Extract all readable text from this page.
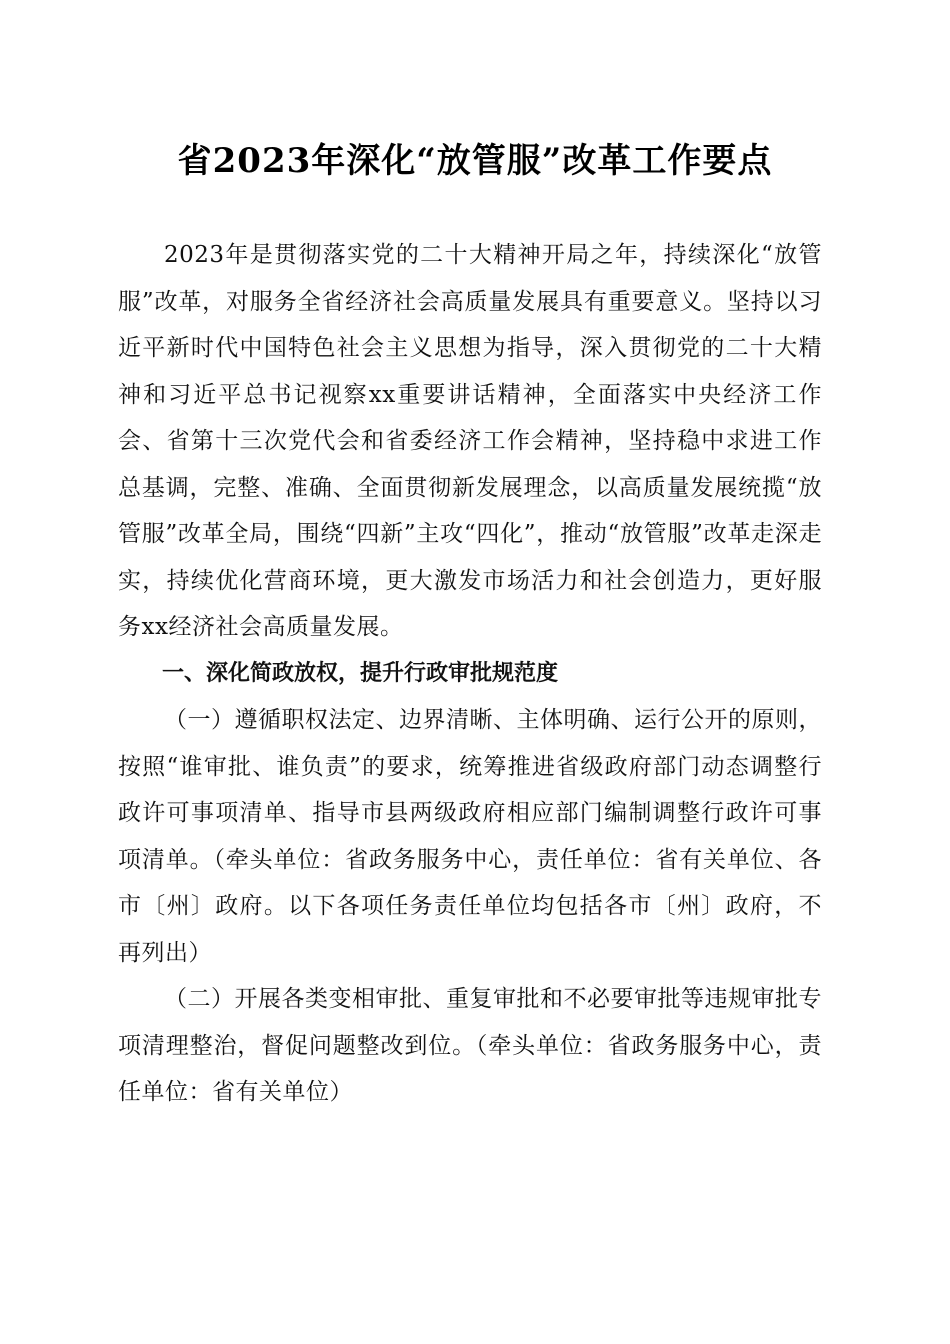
省2023年深化“放管服”改革工作要点

2023年是贯彻落实党的二十大精神开局之年，持续深化“放管服”改革，对服务全省经济社会高质量发展具有重要意义。坚持以习近平新时代中国特色社会主义思想为指导，深入贯彻党的二十大精神和习近平总书记视察xx重要讲话精神，全面落实中央经济工作会、省第十三次党代会和省委经济工作会精神，坚持稳中求进工作总基调，完整、准确、全面贯彻新发展理念，以高质量发展统揽“放管服”改革全局，围绕“四新”主攻“四化”，推动“放管服”改革走深走实，持续优化营商环境，更大激发市场活力和社会创造力，更好服务xx经济社会高质量发展。

一、深化简政放权，提升行政审批规范度

（一）遵循职权法定、边界清晰、主体明确、运行公开的原则，按照“谁审批、谁负责”的要求，统筹推进省级政府部门动态调整行政许可事项清单、指导市县两级政府相应部门编制调整行政许可事项清单。（牵头单位：省政务服务中心，责任单位：省有关单位、各市〔州〕政府。以下各项任务责任单位均包括各市〔州〕政府，不再列出）

（二）开展各类变相审批、重复审批和不必要审批等违规审批专项清理整治，督促问题整改到位。（牵头单位：省政务服务中心，责任单位：省有关单位）
